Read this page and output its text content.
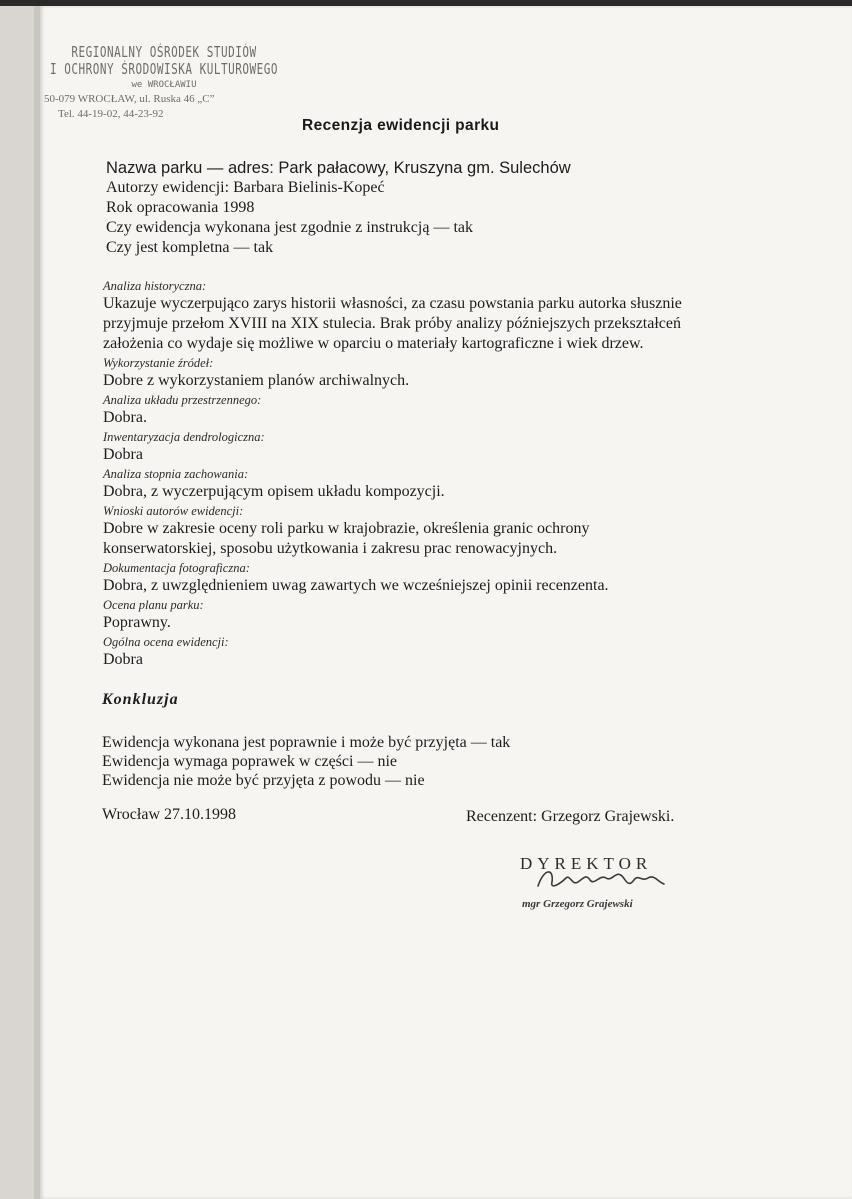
REGIONALNY OŚRODEK STUDIÓW
I OCHRONY ŚRODOWISKA KULTUROWEGO
we WROCŁAWIU
50-079 WROCŁAW, ul. Ruska 46 „C”
Tel. 44-19-02, 44-23-92
Recenzja ewidencji parku
Nazwa parku — adres: Park pałacowy, Kruszyna gm. Sulechów
Autorzy ewidencji: Barbara Bielinis-Kopeć
Rok opracowania 1998
Czy ewidencja wykonana jest zgodnie z instrukcją — tak
Czy jest kompletna — tak
Analiza historyczna:
Ukazuje wyczerpująco zarys historii własności, za czasu powstania parku autorka słusznie
przyjmuje przełom XVIII na XIX stulecia. Brak próby analizy późniejszych przekształceń
założenia co wydaje się możliwe w oparciu o materiały kartograficzne i wiek drzew.
Wykorzystanie źródeł:
Dobre z wykorzystaniem planów archiwalnych.
Analiza układu przestrzennego:
Dobra.
Inwentaryzacja dendrologiczna:
Dobra
Analiza stopnia zachowania:
Dobra, z wyczerpującym opisem układu kompozycji.
Wnioski autorów ewidencji:
Dobre w zakresie oceny roli parku w krajobrazie, określenia granic ochrony
konserwatorskiej, sposobu użytkowania i zakresu prac renowacyjnych.
Dokumentacja fotograficzna:
Dobra, z uwzględnieniem uwag zawartych we wcześniejszej opinii recenzenta.
Ocena planu parku:
Poprawny.
Ogólna ocena ewidencji:
Dobra
Konkluzja
Ewidencja wykonana jest poprawnie i może być przyjęta — tak
Ewidencja wymaga poprawek w części — nie
Ewidencja nie może być przyjęta z powodu — nie
Wrocław 27.10.1998	Recenzent: Grzegorz Grajewski.
DYREKTOR
mgr Grzegorz Grajewski
